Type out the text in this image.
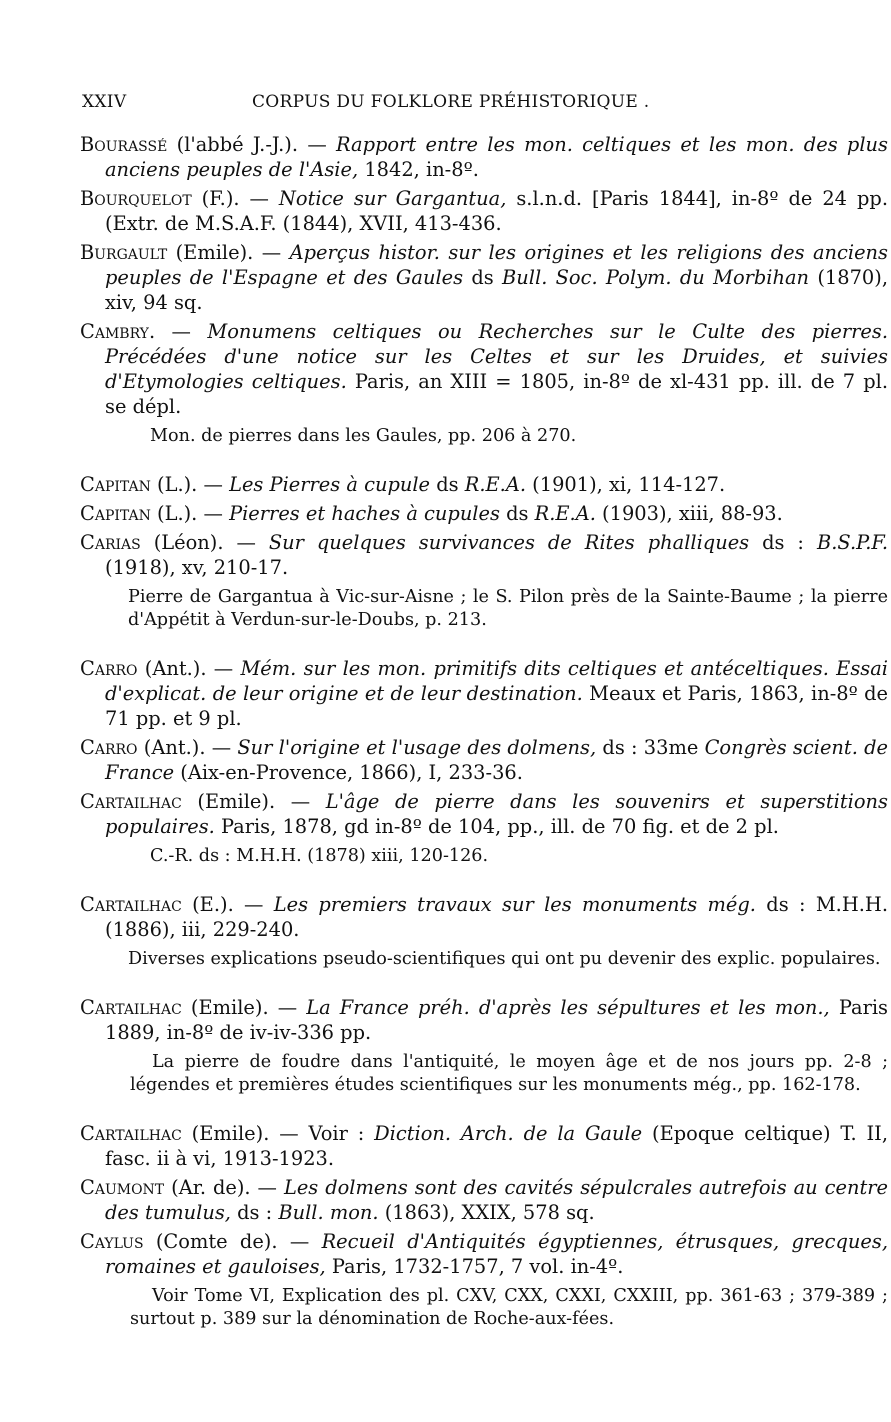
XXIV	CORPUS DU FOLKLORE PRÉHISTORIQUE .
Bourassé (l'abbé J.-J.). — Rapport entre les mon. celtiques et les mon. des plus anciens peuples de l'Asie, 1842, in-8º.
Bourquelot (F.). — Notice sur Gargantua, s.l.n.d. [Paris 1844], in-8º de 24 pp. (Extr. de M.S.A.F. (1844), XVII, 413-436.
Burgault (Emile). — Aperçus histor. sur les origines et les religions des anciens peuples de l'Espagne et des Gaules ds Bull. Soc. Polym. du Morbihan (1870), xiv, 94 sq.
Cambry. — Monumens celtiques ou Recherches sur le Culte des pierres. Précédées d'une notice sur les Celtes et sur les Druides, et suivies d'Etymologies celtiques. Paris, an XIII = 1805, in-8º de xl-431 pp. ill. de 7 pl. se dépl.
Mon. de pierres dans les Gaules, pp. 206 à 270.
Capitan (L.). — Les Pierres à cupule ds R.E.A. (1901), xi, 114-127.
Capitan (L.). — Pierres et haches à cupules ds R.E.A. (1903), xiii, 88-93.
Carias (Léon). — Sur quelques survivances de Rites phalliques ds : B.S.P.F. (1918), xv, 210-17.
Pierre de Gargantua à Vic-sur-Aisne ; le S. Pilon près de la Sainte-Baume ; la pierre d'Appétit à Verdun-sur-le-Doubs, p. 213.
Carro (Ant.). — Mém. sur les mon. primitifs dits celtiques et antéceltiques. Essai d'explicat. de leur origine et de leur destination. Meaux et Paris, 1863, in-8º de 71 pp. et 9 pl.
Carro (Ant.). — Sur l'origine et l'usage des dolmens, ds : 33me Congrès scient. de France (Aix-en-Provence, 1866), I, 233-36.
Cartailhac (Emile). — L'âge de pierre dans les souvenirs et superstitions populaires. Paris, 1878, gd in-8º de 104, pp., ill. de 70 fig. et de 2 pl.
C.-R. ds : M.H.H. (1878) xiii, 120-126.
Cartailhac (E.). — Les premiers travaux sur les monuments még. ds : M.H.H. (1886), iii, 229-240.
Diverses explications pseudo-scientifiques qui ont pu devenir des explic. populaires.
Cartailhac (Emile). — La France préh. d'après les sépultures et les mon., Paris 1889, in-8º de iv-iv-336 pp.
La pierre de foudre dans l'antiquité, le moyen âge et de nos jours pp. 2-8 ; légendes et premières études scientifiques sur les monuments még., pp. 162-178.
Cartailhac (Emile). — Voir : Diction. Arch. de la Gaule (Epoque celtique) T. II, fasc. ii à vi, 1913-1923.
Caumont (Ar. de). — Les dolmens sont des cavités sépulcrales autrefois au centre des tumulus, ds : Bull. mon. (1863), XXIX, 578 sq.
Caylus (Comte de). — Recueil d'Antiquités égyptiennes, étrusques, grecques, romaines et gauloises, Paris, 1732-1757, 7 vol. in-4º.
Voir Tome VI, Explication des pl. CXV, CXX, CXXI, CXXIII, pp. 361-63 ; 379-389 ; surtout p. 389 sur la dénomination de Roche-aux-fées.
